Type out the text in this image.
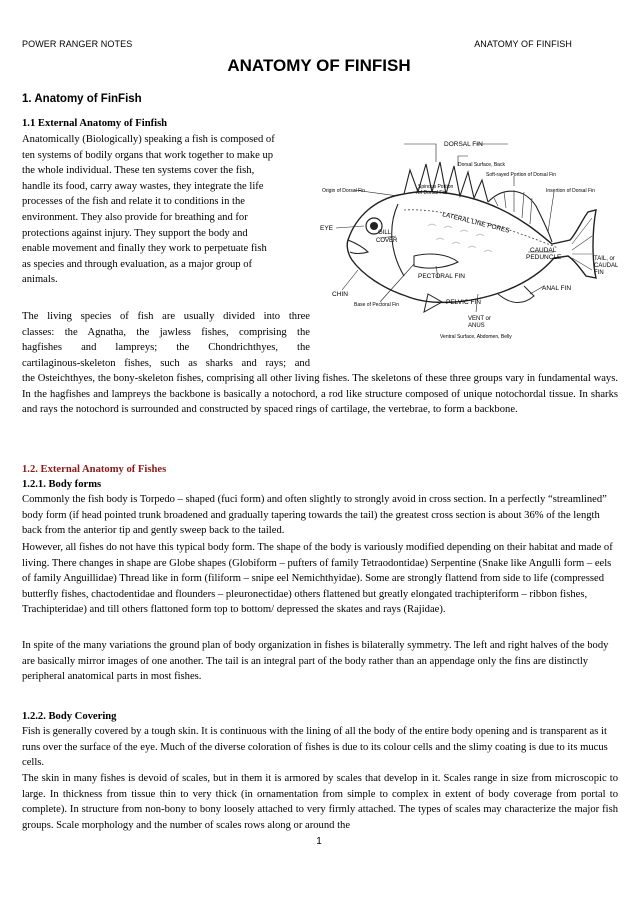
POWER RANGER NOTES	ANATOMY OF FINFISH
ANATOMY OF FINFISH
1. Anatomy of FinFish
1.1 External Anatomy of Finfish
Anatomically (Biologically) speaking a fish is composed of
ten systems of bodily organs that work together to make up
the whole individual. These ten systems cover the fish,
handle its food, carry away wastes, they integrate the life
processes of the fish and relate it to conditions in the
environment. They also provide for breathing and for
protections against injury. They support the body and
enable movement and finally they work to perpetuate fish
as species and through evaluation, as a major group of
animals.
The living species of fish are usually divided into three
classes: the Agnatha, the jawless fishes, comprising the
hagfishes and lampreys; the Chondrichthyes, the
cartilaginous-skeleton fishes, such as sharks and rays; and
the Osteichthyes, the bony-skeleton fishes, comprising all other living fishes. The skeletons of these three groups vary in fundamental ways. In the hagfishes and lampreys the backbone is basically a notochord, a rod like structure composed of unique notochordal tissue. In sharks and rays the notochord is surrounded and constructed by spaced rings of cartilage, the vertebrae, to form a backbone.
DORSAL FIN
Dorsal Surface, Back
Soft-rayed Portion of Dorsal Fin
Origin of Dorsal Fin
Spinous Portion
of Dorsal Fin	Insertion of Dorsal Fin
EYE
GILL
COVER
LATERAL LINE PORES
CAUDAL
PEDUNCLE	TAIL, or
CAUDAL
FIN
PECTORAL FIN
ANAL FIN
CHIN
Base of Pectoral Fin	PELVIC FIN
VENT or
ANUS
Ventral Surface, Abdomen, Belly
1.2. External Anatomy of Fishes
1.2.1. Body forms
Commonly the fish body is Torpedo – shaped (fuci form) and often slightly to strongly avoid in cross section. In a perfectly “streamlined” body form (if head pointed trunk broadened and gradually tapering towards the tail) the greatest cross section is about 36% of the length back from the anterior tip and gently sweep back to the tailed.
However, all fishes do not have this typical body form. The shape of the body is variously modified depending on their habitat and made of living. There changes in shape are Globe shapes (Globiform – pufters of family Tetraodontidae) Serpentine (Snake like Angulli form – eels of family Anguillidae) Thread like in form (filiform – snipe eel Nemichthyidae). Some are strongly flattend from side to life (compressed butterfly fishes, chactodentidae and flounders – pleuronectidae) others flattened but greatly elongated trachipteriform – ribbon fishes, Trachipteridae) and till others flattoned form top to bottom/ depressed the skates and rays (Rajidae).
In spite of the many variations the ground plan of body organization in fishes is bilaterally symmetry. The left and right halves of the body are basically mirror images of one another. The tail is an integral part of the body rather than an appendage only the fins are distinctly peripheral anatomical parts in most fishes.
1.2.2. Body Covering
Fish is generally covered by a tough skin. It is continuous with the lining of all the body of the entire body opening and is transparent as it runs over the surface of the eye. Much of the diverse coloration of fishes is due to its colour cells and the slimy coating is due to its mucus cells.
The skin in many fishes is devoid of scales, but in them it is armored by scales that develop in it. Scales range in size from microscopic to large. In thickness from tissue thin to very thick (in ornamentation from simple to complex in extent of body coverage from portal to complete). In structure from non-bony to bony loosely attached to very firmly attached. The types of scales may characterize the major fish groups. Scale morphology and the number of scales rows along or around the
1
